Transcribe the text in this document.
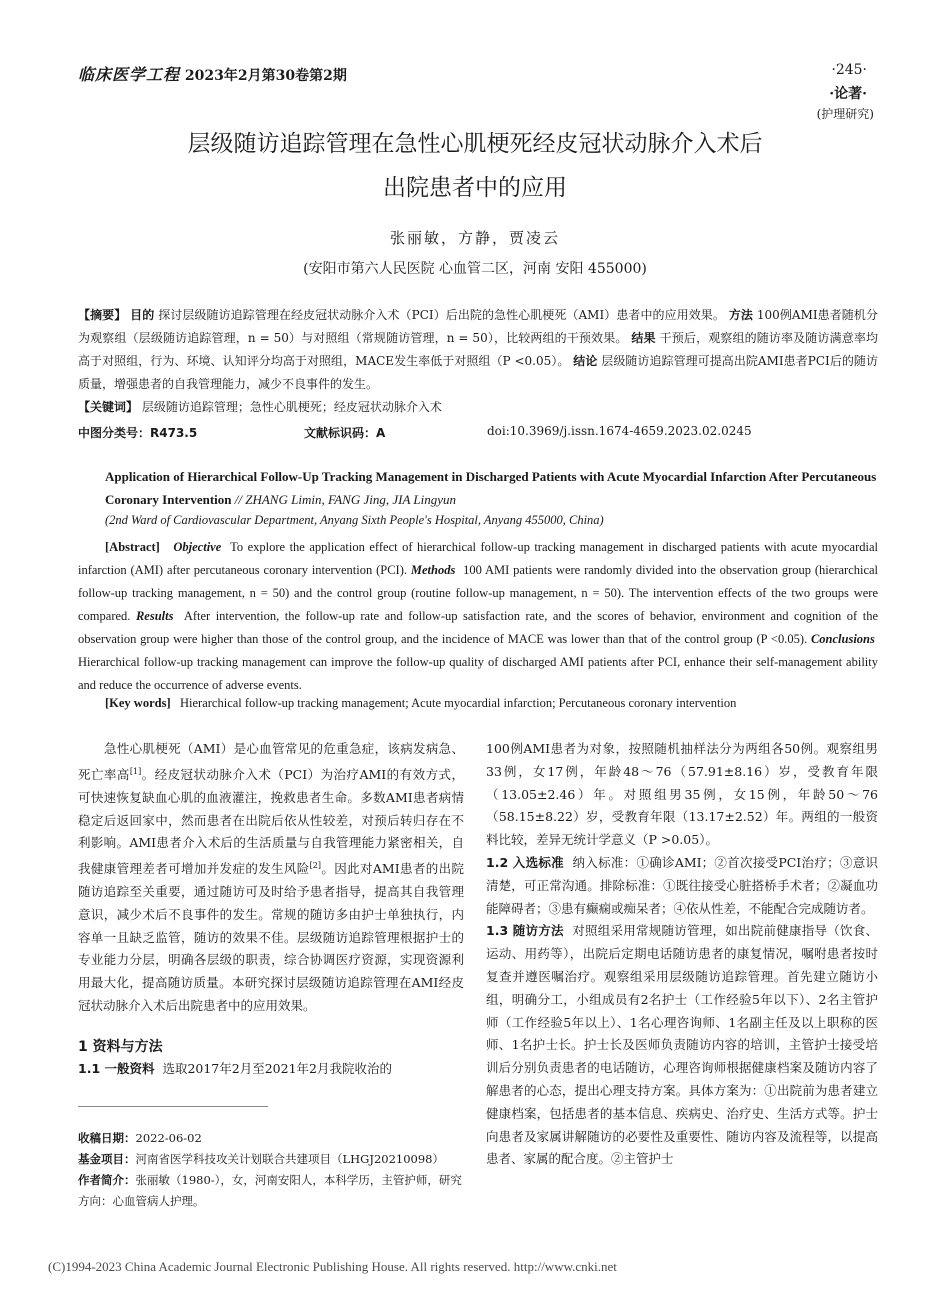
临床医学工程 2023年2月第30卷第2期	·245·
·论著·
(护理研究)
层级随访追踪管理在急性心肌梗死经皮冠状动脉介入术后
出院患者中的应用
张丽敏，方静，贾凌云
(安阳市第六人民医院 心血管二区，河南 安阳 455000)
【摘要】 目的 探讨层级随访追踪管理在经皮冠状动脉介入术（PCI）后出院的急性心肌梗死（AMI）患者中的应用效果。 方法 100例AMI患者随机分为观察组（层级随访追踪管理，n = 50）与对照组（常规随访管理，n = 50），比较两组的干预效果。 结果 干预后，观察组的随访率及随访满意率均高于对照组，行为、环境、认知评分均高于对照组，MACE发生率低于对照组（P <0.05）。 结论 层级随访追踪管理可提高出院AMI患者PCI后的随访质量，增强患者的自我管理能力，减少不良事件的发生。
【关键词】 层级随访追踪管理；急性心肌梗死；经皮冠状动脉介入术
中图分类号：R473.5	文献标识码：A	doi:10.3969/j.issn.1674-4659.2023.02.0245
Application of Hierarchical Follow-Up Tracking Management in Discharged Patients with Acute Myocardial Infarction After Percutaneous Coronary Intervention // ZHANG Limin, FANG Jing, JIA Lingyun
(2nd Ward of Cardiovascular Department, Anyang Sixth People's Hospital, Anyang 455000, China)
[Abstract] Objective To explore the application effect of hierarchical follow-up tracking management in discharged patients with acute myocardial infarction (AMI) after percutaneous coronary intervention (PCI). Methods 100 AMI patients were randomly divided into the observation group (hierarchical follow-up tracking management, n = 50) and the control group (routine follow-up management, n = 50). The intervention effects of the two groups were compared. Results After intervention, the follow-up rate and follow-up satisfaction rate, and the scores of behavior, environment and cognition of the observation group were higher than those of the control group, and the incidence of MACE was lower than that of the control group (P <0.05). Conclusions  Hierarchical follow-up tracking management can improve the follow-up quality of discharged AMI patients after PCI, enhance their self-management ability and reduce the occurrence of adverse events.
[Key words] Hierarchical follow-up tracking management; Acute myocardial infarction; Percutaneous coronary intervention

急性心肌梗死（AMI）是心血管常见的危重急症，该病发病急、死亡率高[1]。经皮冠状动脉介入术（PCI）为治疗AMI的有效方式，可快速恢复缺血心肌的血液灌注，挽救患者生命。多数AMI患者病情稳定后返回家中，然而患者在出院后依从性较差，对预后转归存在不利影响。AMI患者介入术后的生活质量与自我管理能力紧密相关，自我健康管理差者可增加并发症的发生风险[2]。因此对AMI患者的出院随访追踪至关重要，通过随访可及时给予患者指导，提高其自我管理意识，减少术后不良事件的发生。常规的随访多由护士单独执行，内容单一且缺乏监管，随访的效果不佳。层级随访追踪管理根据护士的专业能力分层，明确各层级的职责，综合协调医疗资源，实现资源利用最大化，提高随访质量。本研究探讨层级随访追踪管理在AMI经皮冠状动脉介入术后出院患者中的应用效果。

1 资料与方法

1.1 一般资料 选取2017年2月至2021年2月我院收治的

收稿日期：2022-06-02

基金项目：河南省医学科技攻关计划联合共建项目（LHGJ20210098）

作者简介：张丽敏（1980-），女，河南安阳人，本科学历，主管护师，研究方向：心血管病人护理。

100例AMI患者为对象，按照随机抽样法分为两组各50例。观察组男33例，女17例，年龄48～76（57.91±8.16）岁，受教育年限（13.05±2.46）年。对照组男35例，女15例，年龄50～76（58.15±8.22）岁，受教育年限（13.17±2.52）年。两组的一般资料比较，差异无统计学意义（P >0.05）。

1.2 入选标准 纳入标准：①确诊AMI；②首次接受PCI治疗；③意识清楚，可正常沟通。排除标准：①既往接受心脏搭桥手术者；②凝血功能障碍者；③患有癫痫或痴呆者；④依从性差，不能配合完成随访者。

1.3 随访方法 对照组采用常规随访管理，如出院前健康指导（饮食、运动、用药等），出院后定期电话随访患者的康复情况，嘱咐患者按时复查并遵医嘱治疗。观察组采用层级随访追踪管理。首先建立随访小组，明确分工，小组成员有2名护士（工作经验5年以下）、2名主管护师（工作经验5年以上）、1名心理咨询师、1名副主任及以上职称的医师、1名护士长。护士长及医师负责随访内容的培训，主管护士接受培训后分别负责患者的电话随访，心理咨询师根据健康档案及随访内容了解患者的心态，提出心理支持方案。具体方案为：①出院前为患者建立健康档案，包括患者的基本信息、疾病史、治疗史、生活方式等。护士向患者及家属讲解随访的必要性及重要性、随访内容及流程等，以提高患者、家属的配合度。②主管护士

(C)1994-2023 China Academic Journal Electronic Publishing House. All rights reserved. http://www.cnki.net
